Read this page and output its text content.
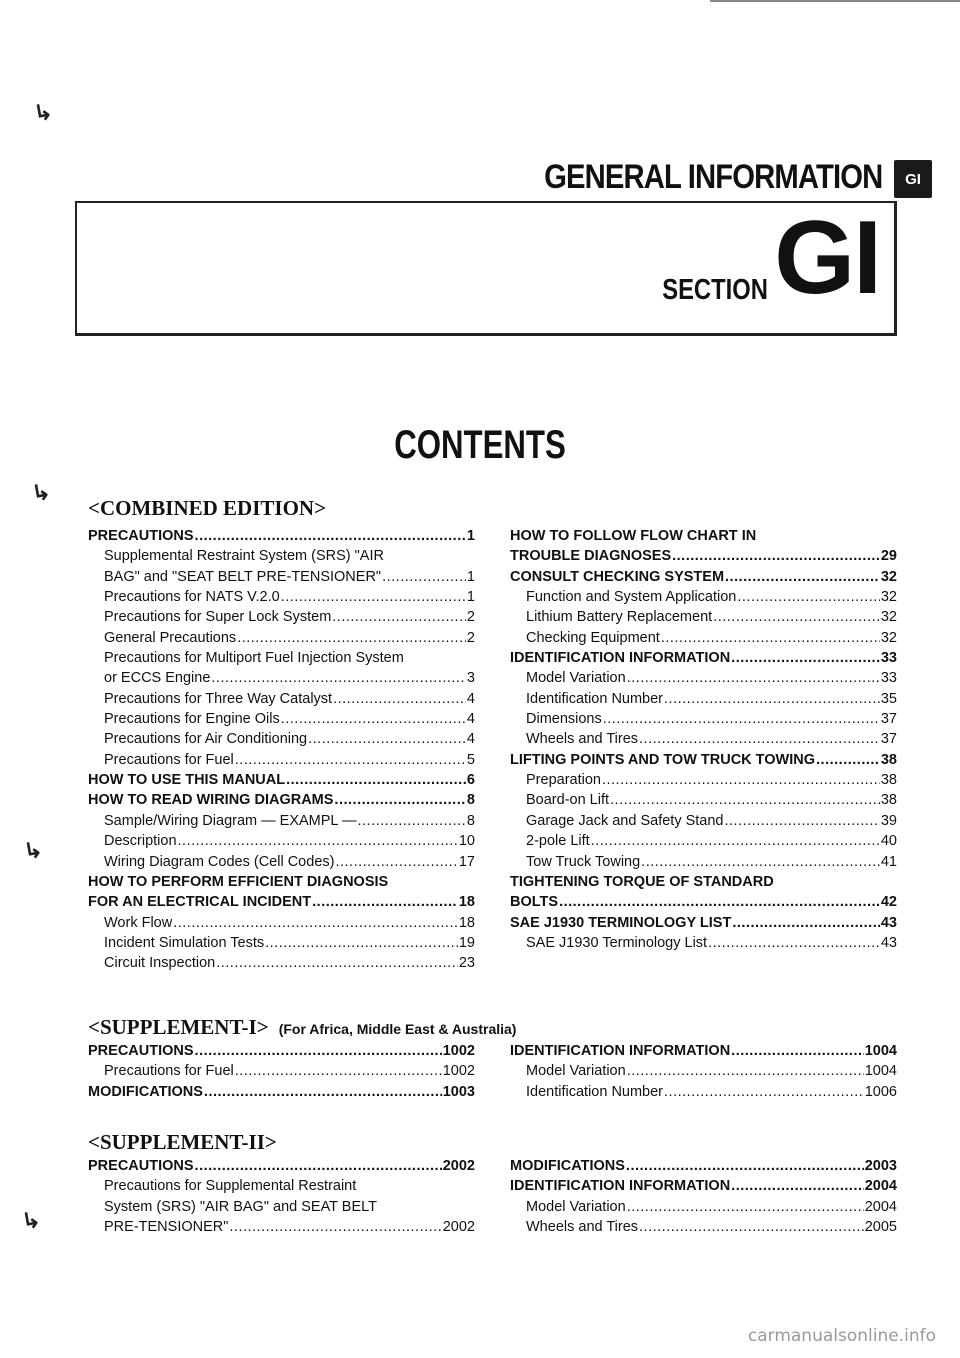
GENERAL INFORMATION	GI
SECTION GI
CONTENTS
↳
↳
↳
↳
<COMBINED EDITION>
PRECAUTIONS .....	1
Supplemental Restraint System (SRS) "AIR
BAG" and "SEAT BELT PRE-TENSIONER" .....	1
Precautions for NATS V.2.0 .....	1
Precautions for Super Lock System .....	2
General Precautions .....	2
Precautions for Multiport Fuel Injection System
or ECCS Engine .....	3
Precautions for Three Way Catalyst .....	4
Precautions for Engine Oils .....	4
Precautions for Air Conditioning .....	4
Precautions for Fuel .....	5
HOW TO USE THIS MANUAL .....	6
HOW TO READ WIRING DIAGRAMS .....	8
Sample/Wiring Diagram — EXAMPL — .....	8
Description .....	10
Wiring Diagram Codes (Cell Codes) .....	17
HOW TO PERFORM EFFICIENT DIAGNOSIS
FOR AN ELECTRICAL INCIDENT .....	18
Work Flow .....	18
Incident Simulation Tests .....	19
Circuit Inspection .....	23
HOW TO FOLLOW FLOW CHART IN
TROUBLE DIAGNOSES .....	29
CONSULT CHECKING SYSTEM .....	32
Function and System Application .....	32
Lithium Battery Replacement .....	32
Checking Equipment .....	32
IDENTIFICATION INFORMATION .....	33
Model Variation .....	33
Identification Number .....	35
Dimensions .....	37
Wheels and Tires .....	37
LIFTING POINTS AND TOW TRUCK TOWING .....	38
Preparation .....	38
Board-on Lift .....	38
Garage Jack and Safety Stand .....	39
2-pole Lift .....	40
Tow Truck Towing .....	41
TIGHTENING TORQUE OF STANDARD
BOLTS .....	42
SAE J1930 TERMINOLOGY LIST .....	43
SAE J1930 Terminology List .....	43
<SUPPLEMENT-I> (For Africa, Middle East & Australia)
PRECAUTIONS .....	1002
Precautions for Fuel .....	1002
MODIFICATIONS .....	1003
IDENTIFICATION INFORMATION .....	1004
Model Variation .....	1004
Identification Number .....	1006
<SUPPLEMENT-II>
PRECAUTIONS .....	2002
Precautions for Supplemental Restraint
System (SRS) "AIR BAG" and SEAT BELT
PRE-TENSIONER" .....	2002
MODIFICATIONS .....	2003
IDENTIFICATION INFORMATION .....	2004
Model Variation .....	2004
Wheels and Tires .....	2005
carmanualsonline.info
